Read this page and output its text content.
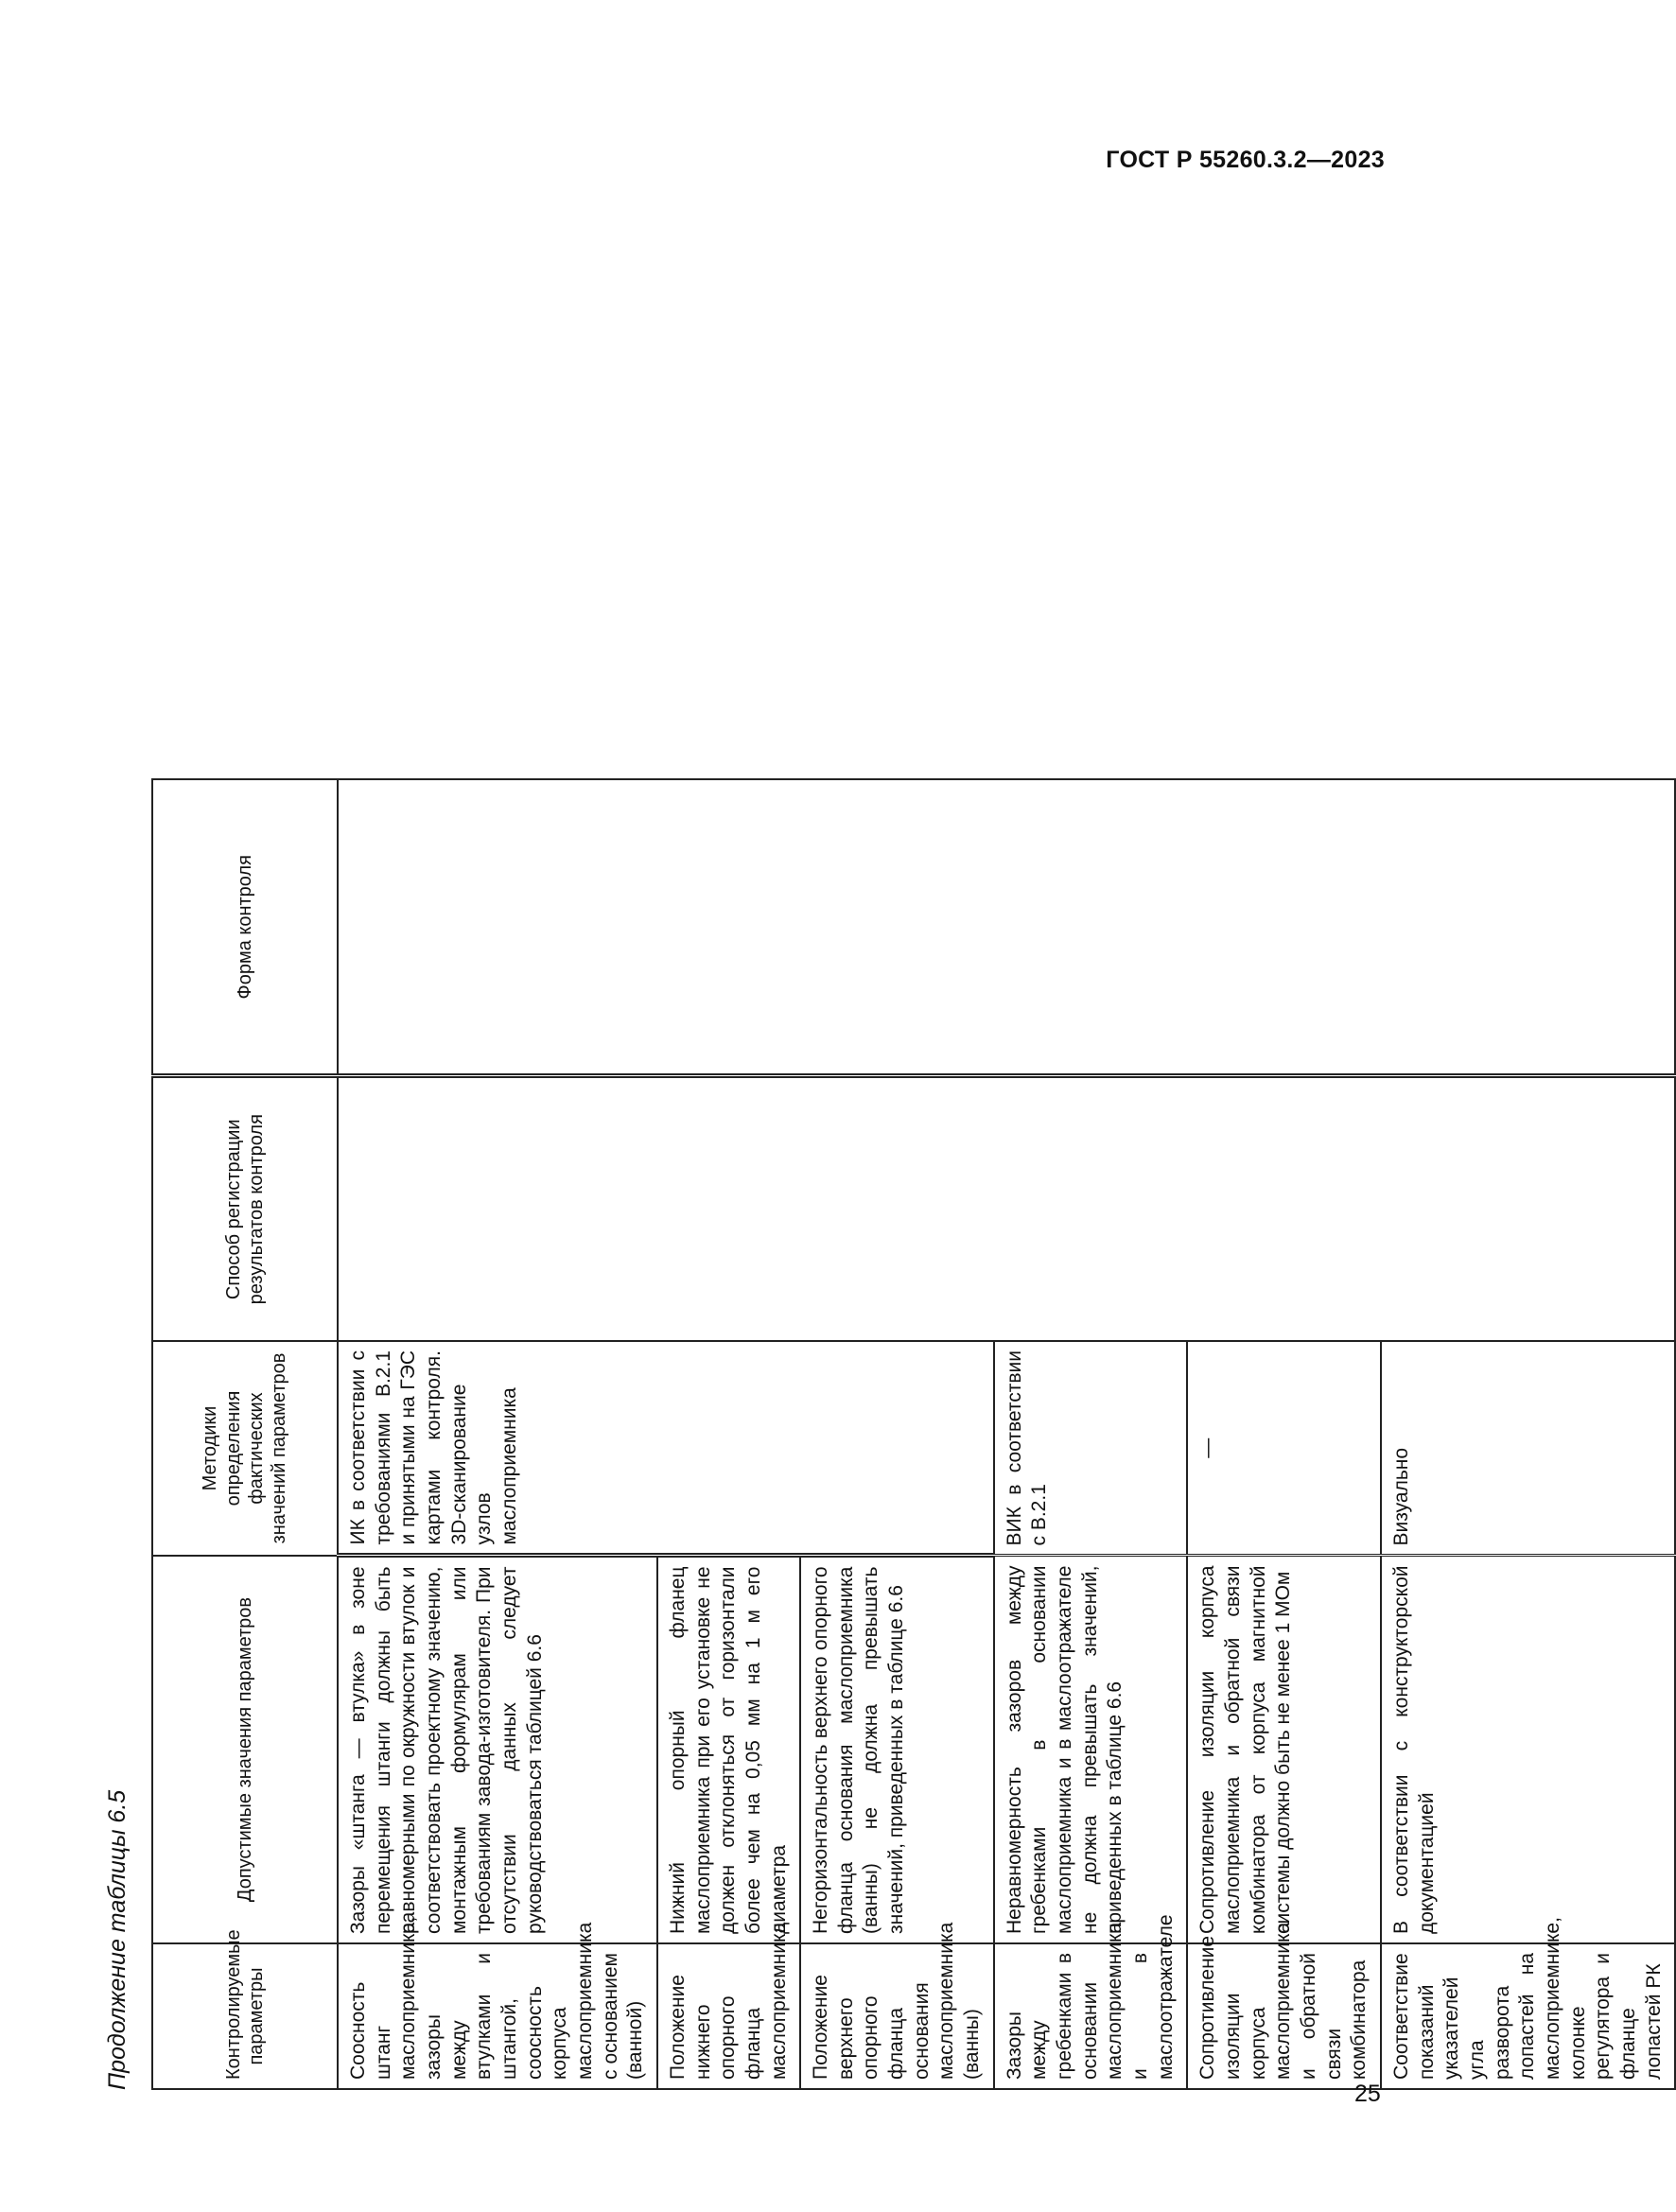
ГОСТ Р 55260.3.2—2023
Продолжение таблицы 6.5	Контролируемые параметры	Допустимые значения параметров	Методики определения фактических значений параметров	Способ регистрации результатов контроля	Форма контроля
Соосность штанг маслоприемника, зазоры между втулками и штангой, соосность корпуса маслоприемника с основанием (ванной)	Зазоры «штанга — втулка» в зоне перемещения штанги должны быть равномерными по окружности втулок и соответствовать проектному значению, монтажным формулярам или требованиям завода-изготовителя. При отсутствии данных следует руководствоваться таблицей 6.6	ИК в соответствии с требованиями В.2.1 и принятыми на ГЭС картами контроля. 3D-сканирование узлов маслоприемника		
Положение нижнего опорного фланца маслоприемника	Нижний опорный фланец маслоприемника при его установке не должен отклоняться от горизонтали более чем на 0,05 мм на 1 м его диаметра			
Положение верхнего опорного фланца основания маслоприемника (ванны)	Негоризонтальность верхнего опорного фланца основания маслоприемника (ванны) не должна превышать значений, приведенных в таблице 6.6			
Зазоры между гребенками в основании маслоприемника и в маслоотражателе	Неравномерность зазоров между гребенками в основании маслоприемника и в маслоотражателе не должна превышать значений, приведенных в таблице 6.6	ВИК в соответствии с В.2.1		
Сопротивление изоляции корпуса маслоприемника и обратной связи комбинатора	Сопротивление изоляции корпуса маслоприемника и обратной связи комбинатора от корпуса магнитной системы должно быть не менее 1 МОм	—		
Соответствие показаний указателей угла разворота лопастей на маслоприемнике, колонке регулятора и фланце лопастей РК	В соответствии с конструкторской документацией	Визуально		
25
